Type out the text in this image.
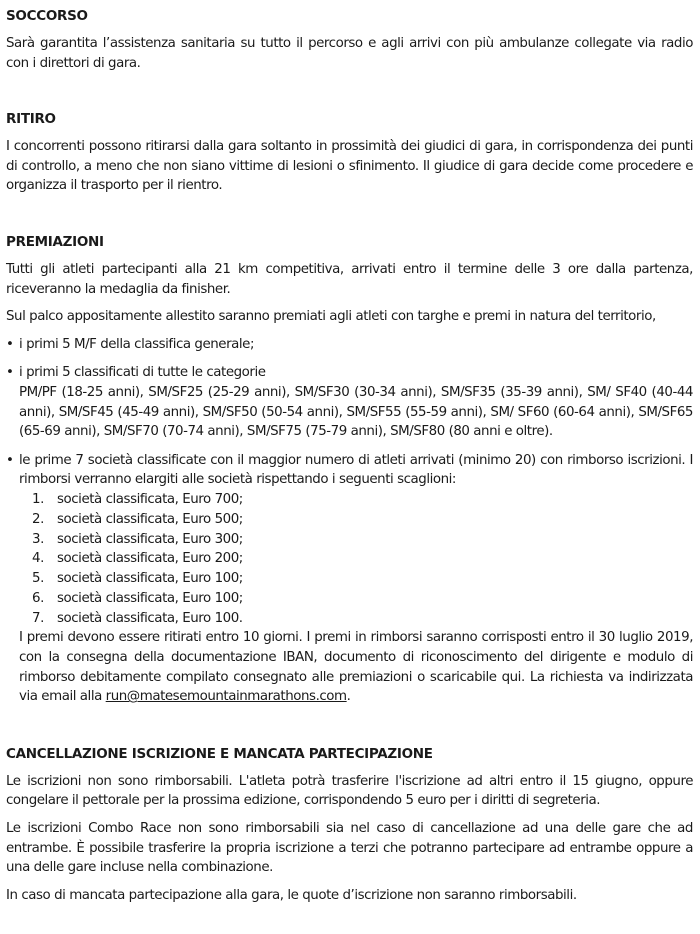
SOCCORSO

Sarà garantita l’assistenza sanitaria su tutto il percorso e agli arrivi con più ambulanze collegate via radio con i direttori di gara.

RITIRO

I concorrenti possono ritirarsi dalla gara soltanto in prossimità dei giudici di gara, in corrispondenza dei punti di controllo, a meno che non siano vittime di lesioni o sfinimento. Il giudice di gara decide come procedere e organizza il trasporto per il rientro.

PREMIAZIONI

Tutti gli atleti partecipanti alla 21 km competitiva, arrivati entro il termine delle 3 ore dalla partenza, riceveranno la medaglia da finisher.

Sul palco appositamente allestito saranno premiati agli atleti con targhe e premi in natura del territorio,

• i primi 5 M/F della classifica generale;
• i primi 5 classificati di tutte le categorie
PM/PF (18-25 anni), SM/SF25 (25-29 anni), SM/SF30 (30-34 anni), SM/SF35 (35-39 anni), SM/ SF40 (40-44 anni), SM/SF45 (45-49 anni), SM/SF50 (50-54 anni), SM/SF55 (55-59 anni), SM/ SF60 (60-64 anni), SM/SF65 (65-69 anni), SM/SF70 (70-74 anni), SM/SF75 (75-79 anni), SM/SF80 (80 anni e oltre).
• le prime 7 società classificate con il maggior numero di atleti arrivati (minimo 20) con rimborso iscrizioni. I rimborsi verranno elargiti alle società rispettando i seguenti scaglioni:
1. società classificata, Euro 700;
2. società classificata, Euro 500;
3. società classificata, Euro 300;
4. società classificata, Euro 200;
5. società classificata, Euro 100;
6. società classificata, Euro 100;
7. società classificata, Euro 100.
I premi devono essere ritirati entro 10 giorni. I premi in rimborsi saranno corrisposti entro il 30 luglio 2019, con la consegna della documentazione IBAN, documento di riconoscimento del dirigente e modulo di rimborso debitamente compilato consegnato alle premiazioni o scaricabile qui. La richiesta va indirizzata via email alla run@matesemountainmarathons.com.
CANCELLAZIONE ISCRIZIONE E MANCATA PARTECIPAZIONE

Le iscrizioni non sono rimborsabili. L'atleta potrà trasferire l'iscrizione ad altri entro il 15 giugno, oppure congelare il pettorale per la prossima edizione, corrispondendo 5 euro per i diritti di segreteria.

Le iscrizioni Combo Race non sono rimborsabili sia nel caso di cancellazione ad una delle gare che ad entrambe. È possibile trasferire la propria iscrizione a terzi che potranno partecipare ad entrambe oppure a una delle gare incluse nella combinazione.

In caso di mancata partecipazione alla gara, le quote d’iscrizione non saranno rimborsabili.
